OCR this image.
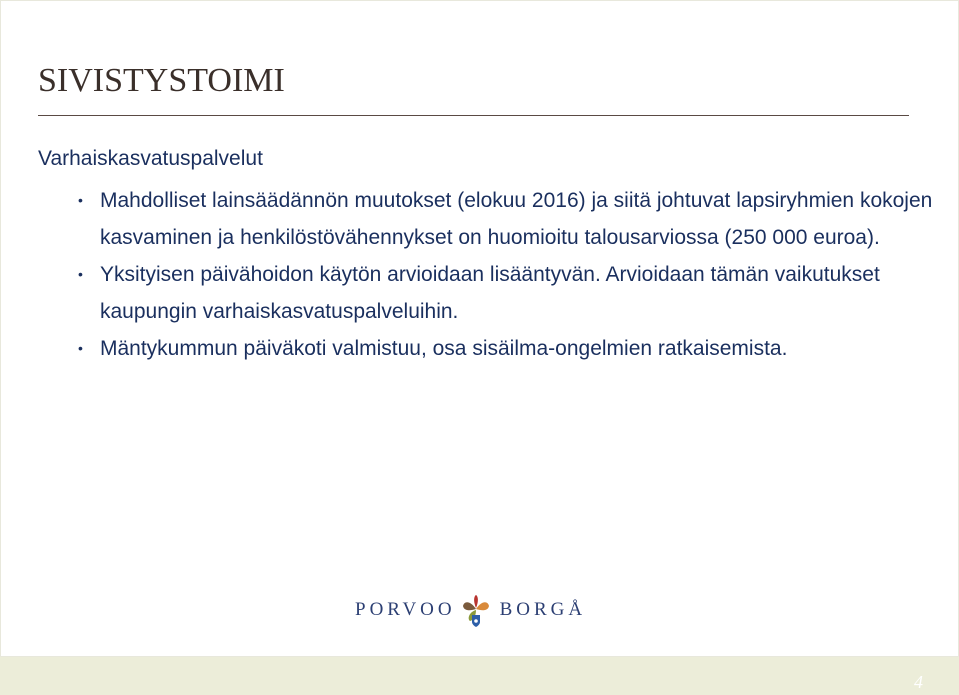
SIVISTYSTOIMI
Varhaiskasvatuspalvelut
• Mahdolliset lainsäädännön muutokset (elokuu 2016) ja siitä johtuvat lapsiryhmien kokojen kasvaminen ja henkilöstövähennykset on huomioitu talousarviossa (250 000 euroa).
• Yksityisen päivähoidon käytön arvioidaan lisääntyvän. Arvioidaan tämän vaikutukset kaupungin varhaiskasvatuspalveluihin.
• Mäntykummun päiväkoti valmistuu, osa sisäilma-ongelmien ratkaisemista.
PORVOO BORGÅ
4
